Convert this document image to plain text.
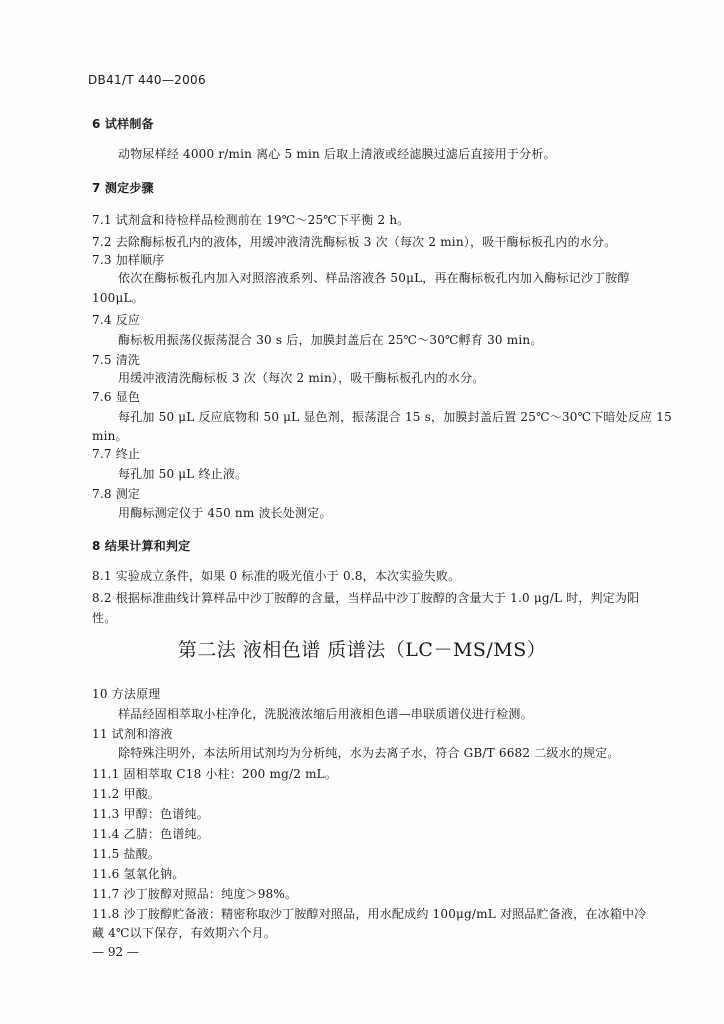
DB41/T 440—2006
6 试样制备
动物尿样经 4000 r/min 离心 5 min 后取上清液或经滤膜过滤后直接用于分析。
7 测定步骤
7.1 试剂盒和待检样品检测前在 19℃～25℃下平衡 2 h。
7.2 去除酶标板孔内的液体，用缓冲液清洗酶标板 3 次（每次 2 min），吸干酶标板孔内的水分。
7.3 加样顺序
依次在酶标板孔内加入对照溶液系列、样品溶液各 50μL，再在酶标板孔内加入酶标记沙丁胺醇
100μL。
7.4 反应
酶标板用振荡仪振荡混合 30 s 后，加膜封盖后在 25℃～30℃孵育 30 min。
7.5 清洗
用缓冲液清洗酶标板 3 次（每次 2 min），吸干酶标板孔内的水分。
7.6 显色
每孔加 50 μL 反应底物和 50 μL 显色剂，振荡混合 15 s，加膜封盖后置 25℃～30℃下暗处反应 15
min。
7.7 终止
每孔加 50 μL 终止液。
7.8 测定
用酶标测定仪于 450 nm 波长处测定。
8 结果计算和判定
8.1 实验成立条件，如果 0 标准的吸光值小于 0.8，本次实验失败。
8.2 根据标准曲线计算样品中沙丁胺醇的含量，当样品中沙丁胺醇的含量大于 1.0 μg/L 时，判定为阳
性。
第二法 液相色谱 质谱法（LC－MS/MS）
10 方法原理
样品经固相萃取小柱净化，洗脱液浓缩后用液相色谱—串联质谱仪进行检测。
11 试剂和溶液
除特殊注明外，本法所用试剂均为分析纯，水为去离子水，符合 GB/T 6682 二级水的规定。
11.1 固相萃取 C18 小柱：200 mg/2 mL。
11.2 甲酸。
11.3 甲醇：色谱纯。
11.4 乙腈：色谱纯。
11.5 盐酸。
11.6 氢氧化钠。
11.7 沙丁胺醇对照品：纯度＞98%。
11.8 沙丁胺醇贮备液：精密称取沙丁胺醇对照品，用水配成约 100μg/mL 对照品贮备液，在冰箱中冷
藏 4℃以下保存，有效期六个月。
— 92 —
